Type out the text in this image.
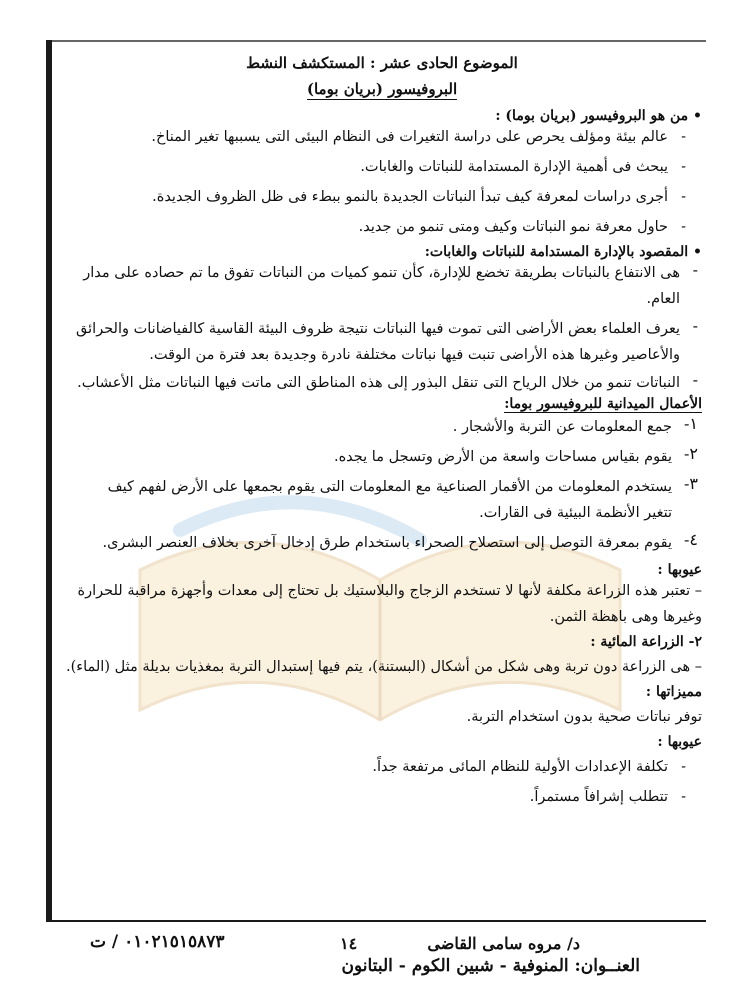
الموضوع الحادى عشر : المستكشف النشط
البروفيسور (بريان بوما)
• من هو البروفيسور (بريان بوما) :

- عالم بيئة ومؤلف يحرص على دراسة التغيرات فى النظام البيئى التى يسببها تغير المناخ.

- يبحث فى أهمية الإدارة المستدامة للنباتات والغابات.

- أجرى دراسات لمعرفة كيف تبدأ النباتات الجديدة بالنمو ببطء فى ظل الظروف الجديدة.

- حاول معرفة نمو النباتات وكيف ومتى تنمو من جديد.

• المقصود بالإدارة المستدامة للنباتات والغابات:

- هى الانتفاع بالنباتات بطريقة تخضع للإدارة، كأن تنمو كميات من النباتات تفوق ما تم حصاده على مدار

العام.

- يعرف العلماء بعض الأراضى التى تموت فيها النباتات نتيجة ظروف البيئة القاسية كالفياضانات والحرائق

والأعاصير وغيرها هذه الأراضى تنبت فيها نباتات مختلفة نادرة وجديدة بعد فترة من الوقت.

- النباتات تنمو من خلال الرياح التى تنقل البذور إلى هذه المناطق التى ماتت فيها النباتات مثل الأعشاب.

الأعمال الميدانية للبروفيسور بوما:
١-

جمع المعلومات عن التربة والأشجار .

٢-

يقوم بقياس مساحات واسعة من الأرض وتسجل ما يجده.

٣-

يستخدم المعلومات من الأقمار الصناعية مع المعلومات التى يقوم بجمعها على الأرض لفهم كيف

تتغير الأنظمة البيئية فى القارات.

٤-

يقوم بمعرفة التوصل إلى استصلاح الصحراء باستخدام طرق إدخال آخرى بخلاف العنصر البشرى.

عيوبها :

– تعتبر هذه الزراعة مكلفة لأنها لا تستخدم الزجاج والبلاستيك بل تحتاج إلى معدات وأجهزة مراقبة للحرارة

وغيرها وهى باهظة الثمن.

٢- الزراعة المائية :

– هى الزراعة دون تربة وهى شكل من أشكال (البستنة)، يتم فيها إستبدال التربة بمغذيات بديلة مثل (الماء).

مميزاتها :

توفر نباتات صحية بدون استخدام التربة.

عيوبها :

- تكلفة الإعدادات الأولية للنظام المائى مرتفعة جداً.

- تتطلب إشرافاً مستمراً.

د/ مروه سامى القاضى
١٤
٠١٠٢١٥١٥٨٧٣ / ت
العنــوان: المنوفية - شبين الكوم - البتانون
